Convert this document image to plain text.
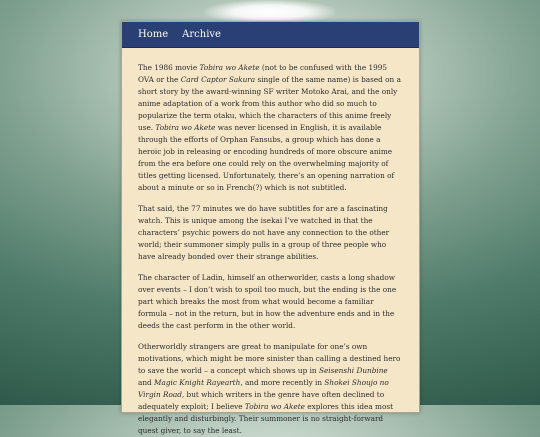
Home Archive

The 1986 movie Tobira wo Akete (not to be confused with the 1995 OVA or the Card Captor Sakura single of the same name) is based on a short story by the award-winning SF writer Motoko Arai, and the only anime adaptation of a work from this author who did so much to popularize the term otaku, which the characters of this anime freely use. Tobira wo Akete was never licensed in English, it is available through the efforts of Orphan Fansubs, a group which has done a heroic job in releasing or encoding hundreds of more obscure anime from the era before one could rely on the overwhelming majority of titles getting licensed. Unfortunately, there’s an opening narration of about a minute or so in French(?) which is not subtitled.

That said, the 77 minutes we do have subtitles for are a fascinating watch. This is unique among the isekai I’ve watched in that the characters’ psychic powers do not have any connection to the other world; their summoner simply pulls in a group of three people who have already bonded over their strange abilities.

The character of Ladin, himself an otherworlder, casts a long shadow over events – I don’t wish to spoil too much, but the ending is the one part which breaks the most from what would become a familiar formula – not in the return, but in how the adventure ends and in the deeds the cast perform in the other world.

Otherworldly strangers are great to manipulate for one’s own motivations, which might be more sinister than calling a destined hero to save the world – a concept which shows up in Seisenshi Dunbine and Magic Knight Rayearth, and more recently in Shokei Shoujo no Virgin Road, but which writers in the genre have often declined to adequately exploit; I believe Tobira wo Akete explores this idea most elegantly and disturbingly. Their summoner is no straight-forward quest giver, to say the least.
